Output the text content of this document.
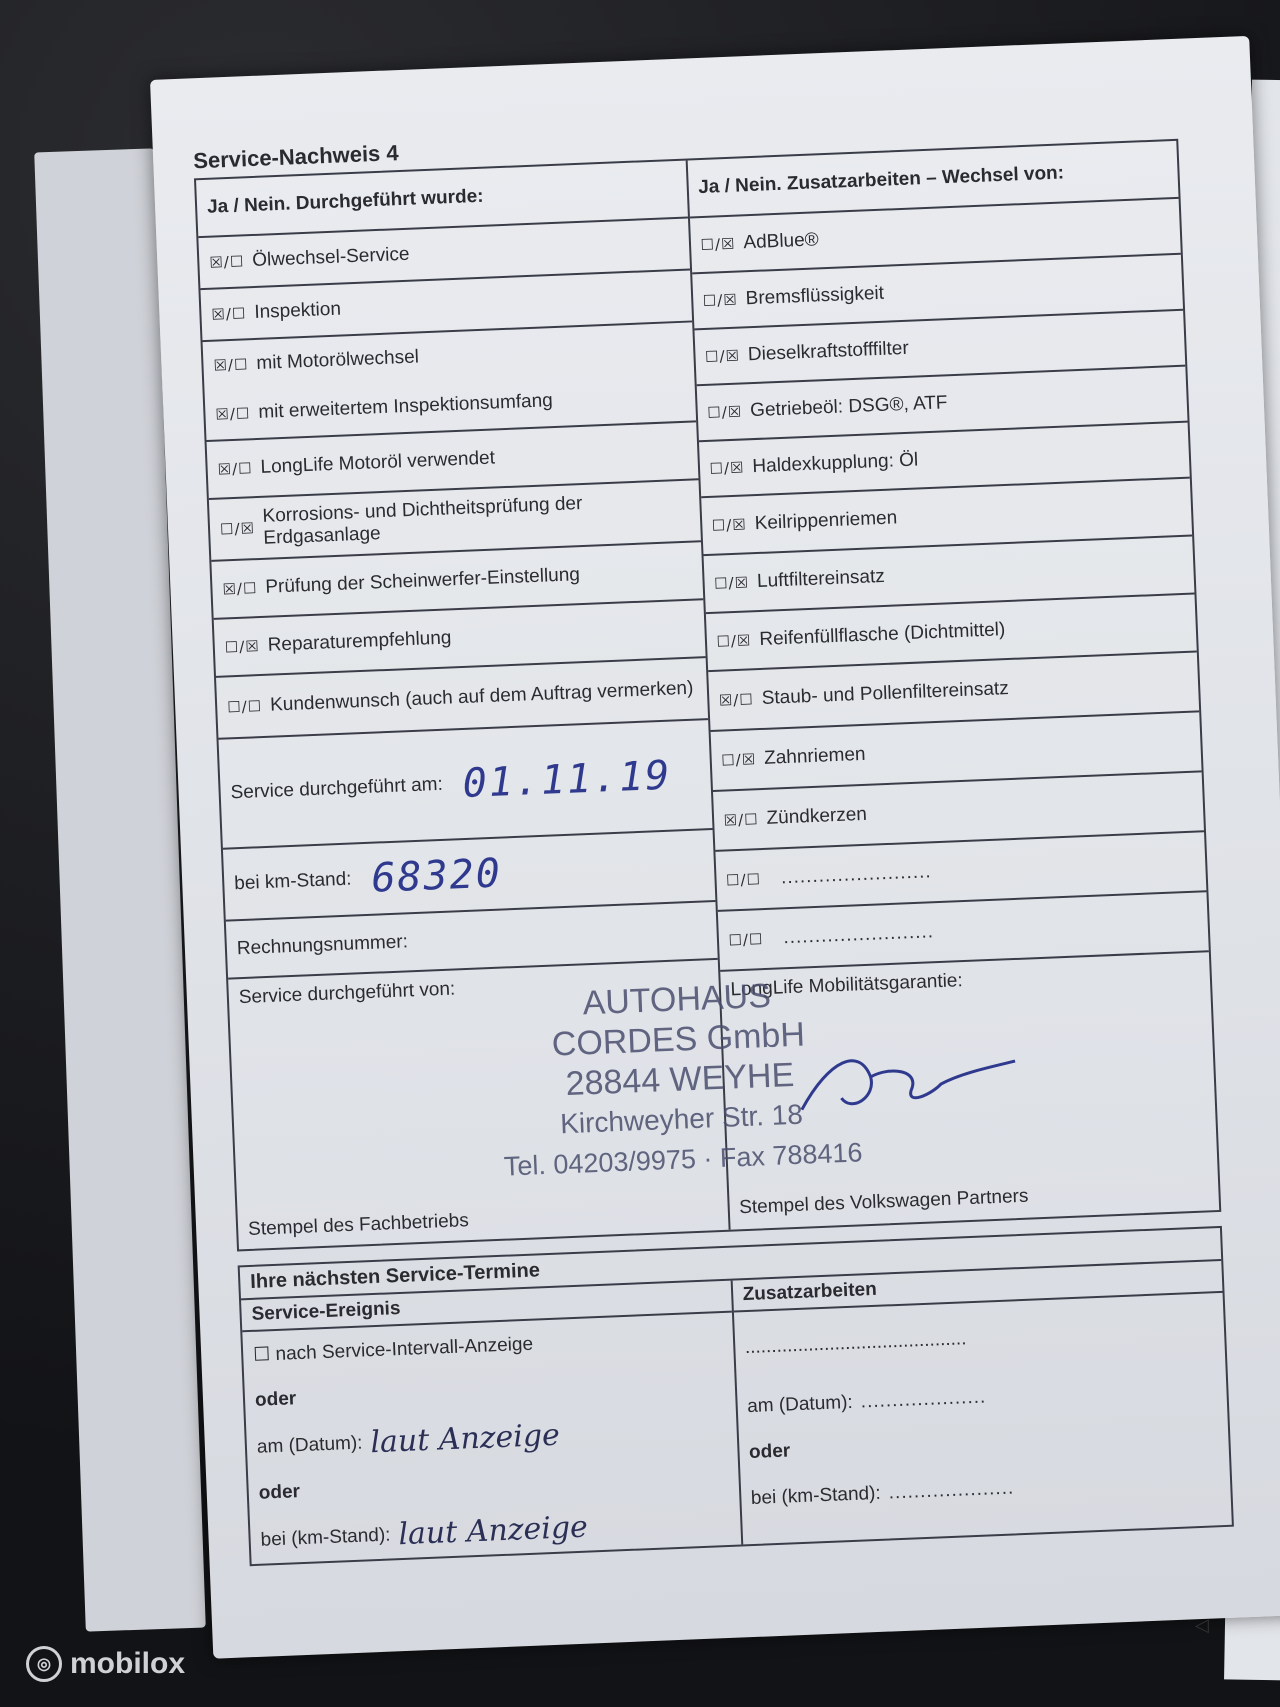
Service-Nachweis 4
Ja / Nein. Durchgeführt wurde:
☒/☐ Ölwechsel-Service
☒/☐ Inspektion
☒/☐ mit Motorölwechsel
☒/☐ mit erweitertem Inspektionsumfang
☒/☐ LongLife Motoröl verwendet
☐/☒
Korrosions- und Dichtheitsprüfung der Erdgasanlage
☒/☐ Prüfung der Scheinwerfer-Einstellung
☐/☒ Reparaturempfehlung
☐/☐ Kundenwunsch (auch auf dem Auftrag vermerken)
Service durchgeführt am: 01.11.19
bei km-Stand: 68320
Rechnungsnummer:
Service durchgeführt von:
Stempel des Fachbetriebs
Ja / Nein. Zusatzarbeiten – Wechsel von:
☐/☒ AdBlue®
☐/☒ Bremsflüssigkeit
☐/☒ Dieselkraftstofffilter
☐/☒ Getriebeöl: DSG®, ATF
☐/☒ Haldexkupplung: Öl
☐/☒ Keilrippenriemen
☐/☒ Luftfiltereinsatz
☐/☒ Reifenfüllflasche (Dichtmittel)
☒/☐ Staub- und Pollenfiltereinsatz
☐/☒ Zahnriemen
☒/☐ Zündkerzen
☐/☐ ........................
☐/☐ ........................
LongLife Mobilitätsgarantie:
Stempel des Volkswagen Partners
AUTOHAUS
CORDES GmbH
28844 WEYHE
Kirchweyher Str. 18
Tel. 04203/9975 · Fax 788416
Ihre nächsten Service-Termine
Service-Ereignis
☐ nach Service-Intervall-Anzeige
oder
am (Datum): laut Anzeige
oder
bei (km-Stand): laut Anzeige
Zusatzarbeiten
..........................................
am (Datum): ....................
oder
bei (km-Stand): ....................
◁
◎ mobilox
